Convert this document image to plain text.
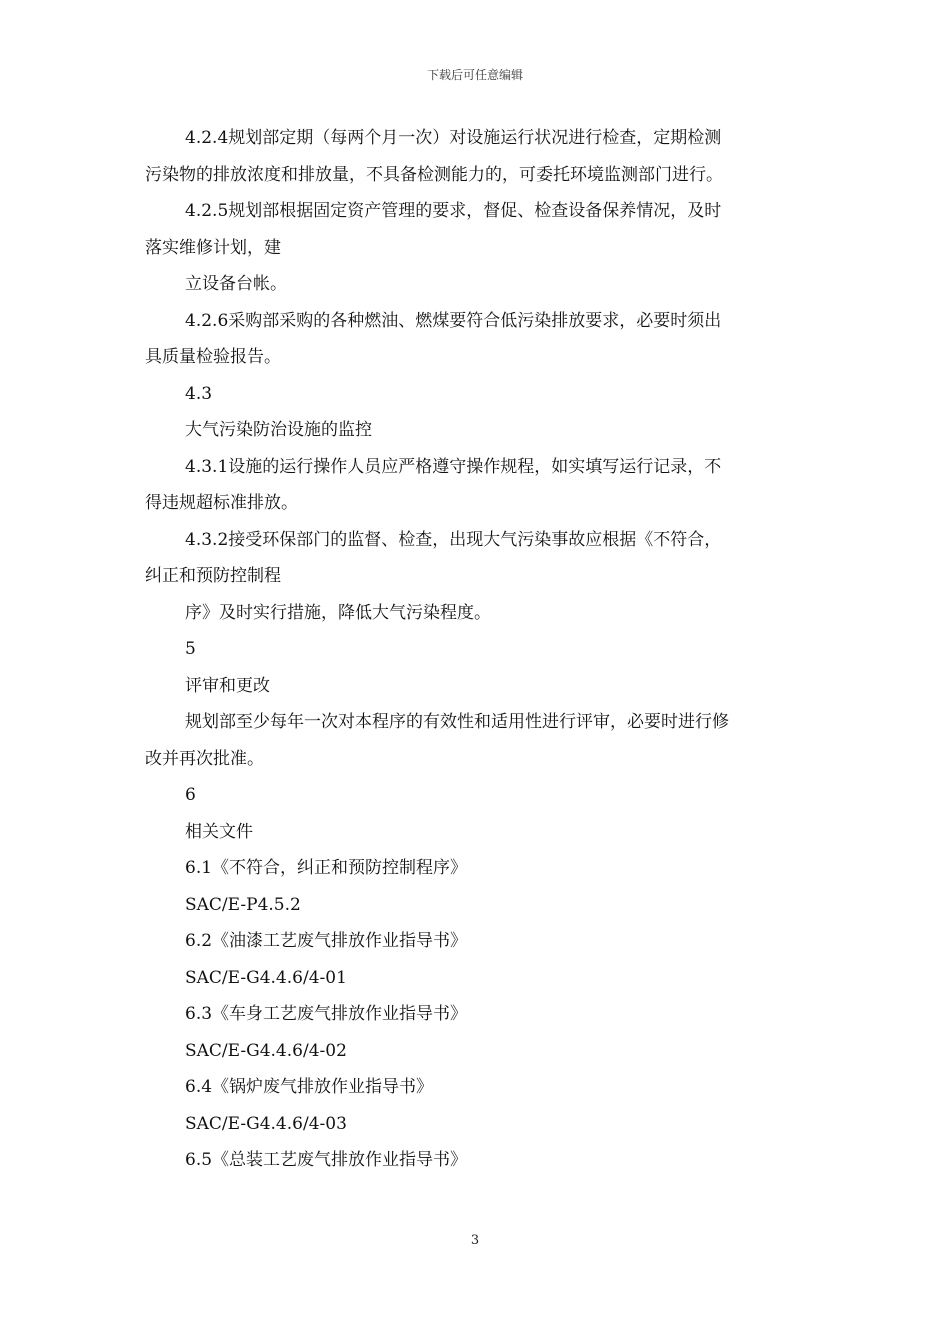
下载后可任意编辑

4.2.4规划部定期（每两个月一次）对设施运行状况进行检查，定期检测

污染物的排放浓度和排放量，不具备检测能力的，可委托环境监测部门进行。

4.2.5规划部根据固定资产管理的要求，督促、检查设备保养情况，及时

落实维修计划，建

立设备台帐。

4.2.6采购部采购的各种燃油、燃煤要符合低污染排放要求，必要时须出

具质量检验报告。

4.3

大气污染防治设施的监控

4.3.1设施的运行操作人员应严格遵守操作规程，如实填写运行记录，不

得违规超标准排放。

4.3.2接受环保部门的监督、检查，出现大气污染事故应根据《不符合，

纠正和预防控制程

序》及时实行措施，降低大气污染程度。

5

评审和更改

规划部至少每年一次对本程序的有效性和适用性进行评审，必要时进行修

改并再次批准。

6

相关文件

6.1《不符合，纠正和预防控制程序》

SAC/E-P4.5.2

6.2《油漆工艺废气排放作业指导书》

SAC/E-G4.4.6/4-01

6.3《车身工艺废气排放作业指导书》

SAC/E-G4.4.6/4-02

6.4《锅炉废气排放作业指导书》

SAC/E-G4.4.6/4-03

6.5《总装工艺废气排放作业指导书》

3
